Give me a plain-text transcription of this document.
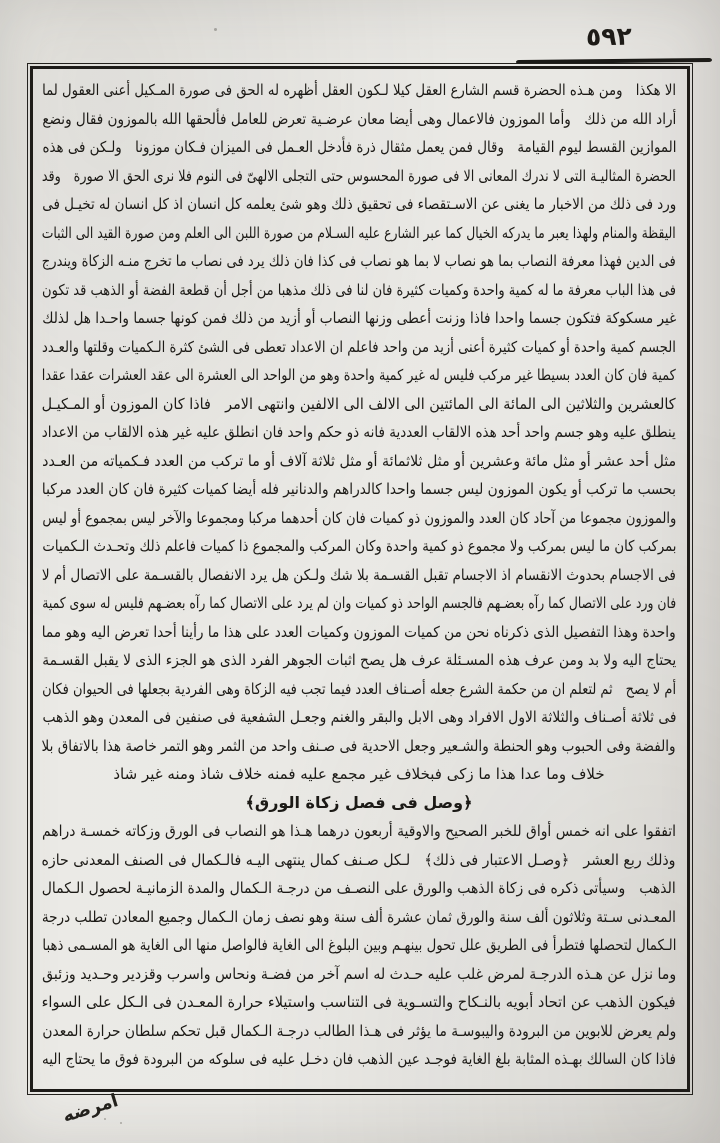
٥٩٢
الا هكذا ومن هـذه الحضرة قسم الشارع العقل كيلا لـكون العقل أظهره له الحق فى صورة المـكيل أعنى العقول لما
أراد الله من ذلك وأما الموزون فالاعمال وهى أيضا معان عرضـية تعرض للعامل فألحقها الله بالموزون فقال ونضع
الموازين القسط ليوم القيامة وقال فمن يعمل مثقال ذرة فأدخل العـمل فى الميزان فـكان موزونا ولـكن فى هذه
الحضرة المثاليـة التى لا ندرك المعانى الا فى صورة المحسوس حتى التجلى الالهىّ فى النوم فلا نرى الحق الا صورة وقد
ورد فى ذلك من الاخبار ما يغنى عن الاسـتقصاء فى تحقيق ذلك وهو شئ يعلمه كل انسان اذ كل انسان له تخيـل فى
اليقظة والمنام ولهذا يعبر ما يدركه الخيال كما عبر الشارع عليه السـلام من صورة اللبن الى العلم ومن صورة القيد الى الثبات
فى الدين فهذا معرفة النصاب بما هو نصاب لا بما هو نصاب فى كذا فان ذلك يرد فى نصاب ما تخرج منـه الزكاة ويندرج
فى هذا الباب معرفة ما له كمية واحدة وكميات كثيرة فان لنا فى ذلك مذهبا من أجل أن قطعة الفضة أو الذهب قد تكون
غير مسكوكة فتكون جسما واحدا فاذا وزنت أعطى وزنها النصاب أو أزيد من ذلك فمن كونها جسما واحـدا هل لذلك
الجسم كمية واحدة أو كميات كثيرة أعنى أزيد من واحد فاعلم ان الاعداد تعطى فى الشئ كثرة الـكميات وقلتها والعـدد
كمية فان كان العدد بسيطا غير مركب فليس له غير كمية واحدة وهو من الواحد الى العشرة الى عقد العشرات عقدا عقدا
كالعشرين والثلاثين الى المائة الى المائتين الى الالف الى الالفين وانتهى الامر فاذا كان الموزون أو المـكيـل
ينطلق عليه وهو جسم واحد أحد هذه الالقاب العددية فانه ذو حكم واحد فان انطلق عليه غير هذه الالقاب من الاعداد
مثل أحد عشر أو مثل مائة وعشرين أو مثل ثلاثمائة أو مثل ثلاثة آلاف أو ما تركب من العدد فـكمياته من العـدد
بحسب ما تركب أو يكون الموزون ليس جسما واحدا كالدراهم والدنانير فله أيضا كميات كثيرة فان كان العدد مركبا
والموزون مجموعا من آحاد كان العدد والموزون ذو كميات فان كان أحدهما مركبا ومجموعا والآخر ليس بمجموع أو ليس
بمركب كان ما ليس بمركب ولا مجموع ذو كمية واحدة وكان المركب والمجموع ذا كميات فاعلم ذلك وتحـدث الـكميات
فى الاجسام بحدوث الانقسام اذ الاجسام تقبل القسـمة بلا شك ولـكن هل يرد الانفصال بالقسـمة على الاتصال أم لا
فان ورد على الاتصال كما رآه بعضـهم فالجسم الواحد ذو كميات وان لم يرد على الاتصال كما رآه بعضـهم فليس له سوى كمية
واحدة وهذا التفصيل الذى ذكرناه نحن من كميات الموزون وكميات العدد على هذا ما رأينا أحدا تعرض اليه وهو مما
يحتاج اليه ولا بد ومن عرف هذه المسـئلة عرف هل يصح اثبات الجوهر الفرد الذى هو الجزء الذى لا يقبل القسـمة
أم لا يصح ثم لتعلم ان من حكمة الشرع جعله أصـناف العدد فيما تجب فيه الزكاة وهى الفردية بجعلها فى الحيوان فكان
فى ثلاثة أصـناف والثلاثة الاول الافراد وهى الابل والبقر والغنم وجعـل الشفعية فى صنفين فى المعدن وهو الذهب
والفضة وفى الحبوب وهو الحنطة والشـعير وجعل الاحدية فى صـنف واحد من الثمر وهو التمر خاصة هذا بالاتفاق بلا
خلاف وما عدا هذا ما زكى فبخلاف غير مجمع عليه فمنه خلاف شاذ ومنه غير شاذ
﴿وصل فى فصل زكاة الورق﴾
اتفقوا على انه خمس أواق للخبر الصحيح والاوقية أربعون درهما هـذا هو النصاب فى الورق وزكاته خمسـة دراهم
وذلك ربع العشر ﴿وصـل الاعتبار فى ذلك﴾ لـكل صـنف كمال ينتهى اليـه فالـكمال فى الصنف المعدنى حازه
الذهب وسيأتى ذكره فى زكاة الذهب والورق على النصـف من درجـة الـكمال والمدة الزمانيـة لحصول الـكمال
المعـدنى سـتة وثلاثون ألف سنة والورق ثمان عشرة ألف سنة وهو نصف زمان الـكمال وجميع المعادن تطلب درجة
الـكمال لتحصلها فتطرأ فى الطريق علل تحول بينهـم وبين البلوغ الى الغاية فالواصل منها الى الغاية هو المسـمى ذهبا
وما نزل عن هـذه الدرجـة لمرض غلب عليه حـدث له اسم آخر من فضـة ونحاس واسرب وقزدير وحـديد وزئبق
فيكون الذهب عن اتحاد أبويه بالنـكاح والتسـوية فى التناسب واستيلاء حرارة المعـدن فى الـكل على السواء
ولم يعرض للابوين من البرودة واليبوسـة ما يؤثر فى هـذا الطالب درجـة الـكمال قبل تحكم سلطان حرارة المعدن
فاذا كان السالك بهـذه المثابة بلغ الغاية فوجـد عين الذهب فان دخـل عليه فى سلوكه من البرودة فوق ما يحتاج اليه
امرضه
